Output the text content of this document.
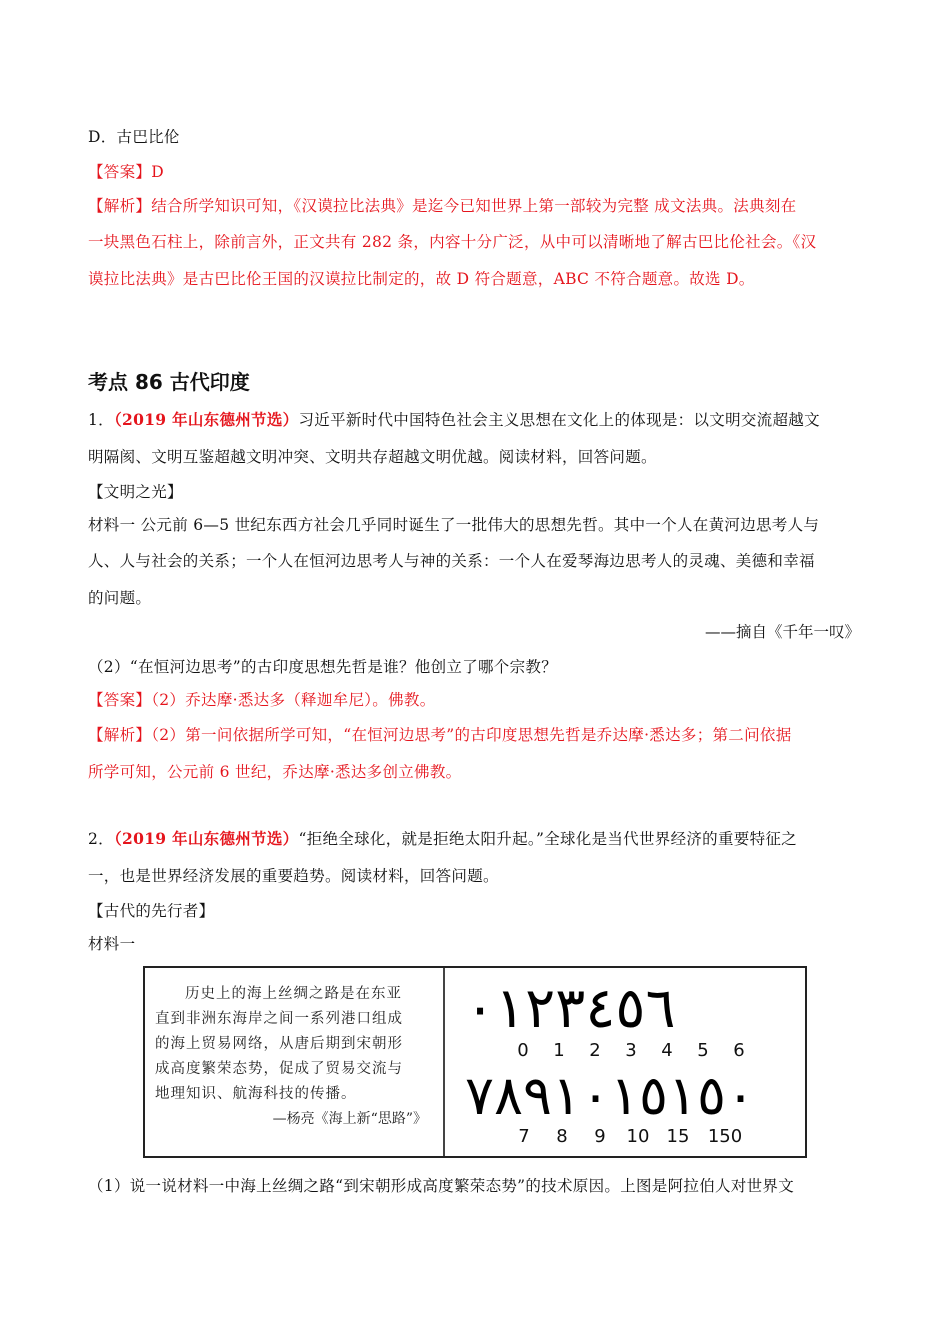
D．古巴比伦
【答案】D
【解析】结合所学知识可知，《汉谟拉比法典》是迄今已知世界上第一部较为完整 成文法典。法典刻在
一块黑色石柱上，除前言外，正文共有 282 条，内容十分广泛，从中可以清晰地了解古巴比伦社会。《汉
谟拉比法典》是古巴比伦王国的汉谟拉比制定的，故 D 符合题意，ABC 不符合题意。故选 D。
考点 86 古代印度
1．（2019 年山东德州节选）习近平新时代中国特色社会主义思想在文化上的体现是：以文明交流超越文
明隔阂、文明互鉴超越文明冲突、文明共存超越文明优越。阅读材料，回答问题。
【文明之光】
材料一 公元前 6—5 世纪东西方社会几乎同时诞生了一批伟大的思想先哲。其中一个人在黄河边思考人与
人、人与社会的关系；一个人在恒河边思考人与神的关系：一个人在爱琴海边思考人的灵魂、美德和幸福
的问题。
——摘自《千年一叹》
（2）“在恒河边思考”的古印度思想先哲是谁？他创立了哪个宗教？
【答案】（2）乔达摩·悉达多（释迦牟尼）。佛教。
【解析】（2）第一问依据所学可知，“在恒河边思考”的古印度思想先哲是乔达摩·悉达多；第二问依据
所学可知，公元前 6 世纪，乔达摩·悉达多创立佛教。
2．（2019 年山东德州节选）“拒绝全球化，就是拒绝太阳升起。”全球化是当代世界经济的重要特征之
一，也是世界经济发展的重要趋势。阅读材料，回答问题。
【古代的先行者】
材料一
历史上的海上丝绸之路是在东亚
直到非洲东海岸之间一系列港口组成
的海上贸易网络，从唐后期到宋朝形
成高度繁荣态势，促成了贸易交流与
地理知识、航海科技的传播。
—杨亮《海上新“思路”》
٠١٢٣٤٥٦
0	1	2	3	4	5	6
٧٨٩١٠١٥١٥٠
7	8	9	10 15	150
（1）说一说材料一中海上丝绸之路“到宋朝形成高度繁荣态势”的技术原因。上图是阿拉伯人对世界文
